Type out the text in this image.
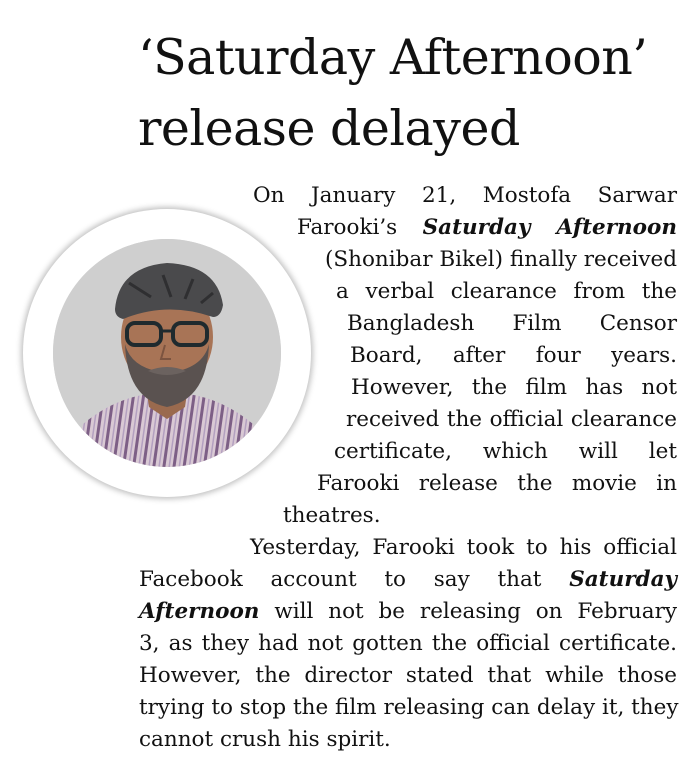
‘Saturday Afternoon’
release delayed
On January 21, Mostofa Sarwar
Farooki’s Saturday Afternoon
(Shonibar Bikel) finally received
a verbal clearance from the
Bangladesh Film Censor
Board, after four years.
However, the film has not
received the official clearance
certificate, which will let
Farooki release the movie in
theatres.
Yesterday, Farooki took to his official
Facebook account to say that Saturday
Afternoon will not be releasing on February
3, as they had not gotten the official certificate.
However, the director stated that while those
trying to stop the film releasing can delay it, they
cannot crush his spirit.
